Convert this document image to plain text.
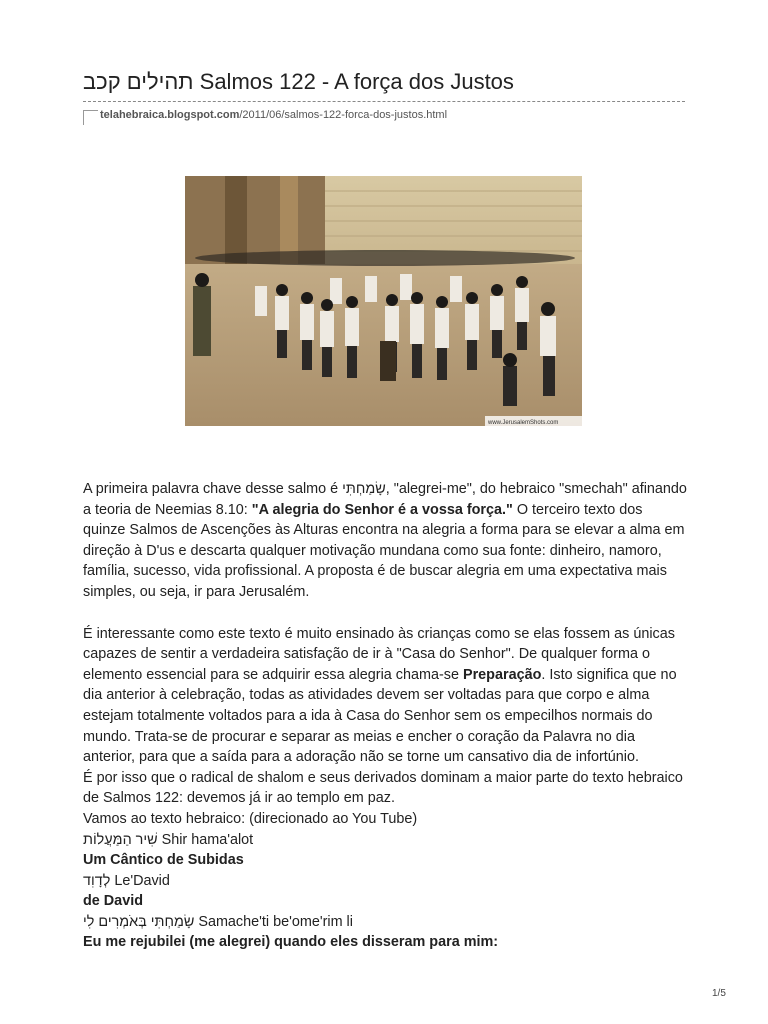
תהילים קכב Salmos 122 - A força dos Justos
telahebraica.blogspot.com/2011/06/salmos-122-forca-dos-justos.html
www.JerusalemShots.com

A primeira palavra chave desse salmo é שָׂמַחְתִּי, "alegrei-me", do hebraico "smechah" afinando a teoria de Neemias 8.10: "A alegria do Senhor é a vossa força." O terceiro texto dos quinze Salmos de Ascenções às Alturas encontra na alegria a forma para se elevar a alma em direção à D'us e descarta qualquer motivação mundana como sua fonte: dinheiro, namoro, família, sucesso, vida profissional. A proposta é de buscar alegria em uma expectativa mais simples, ou seja, ir para Jerusalém.

É interessante como este texto é muito ensinado às crianças como se elas fossem as únicas capazes de sentir a verdadeira satisfação de ir à "Casa do Senhor". De qualquer forma o elemento essencial para se adquirir essa alegria chama-se Preparação. Isto significa que no dia anterior à celebração, todas as atividades devem ser voltadas para que corpo e alma estejam totalmente voltados para a ida à Casa do Senhor sem os empecilhos normais do mundo. Trata-se de procurar e separar as meias e encher o coração da Palavra no dia anterior, para que a saída para a adoração não se torne um cansativo dia de infortúnio.

É por isso que o radical de shalom e seus derivados dominam a maior parte do texto hebraico de Salmos 122: devemos já ir ao templo em paz.

Vamos ao texto hebraico: (direcionado ao You Tube)

שִׁיר הַמַּעֲלוֹת Shir hama'alot

Um Cântico de Subidas

לְדָוִד Le'David

de David

שָׂמַחְתִּי בְּאֹמְרִים לִי Samache'ti be'ome'rim li

Eu me rejubilei (me alegrei) quando eles disseram para mim:

1/5
